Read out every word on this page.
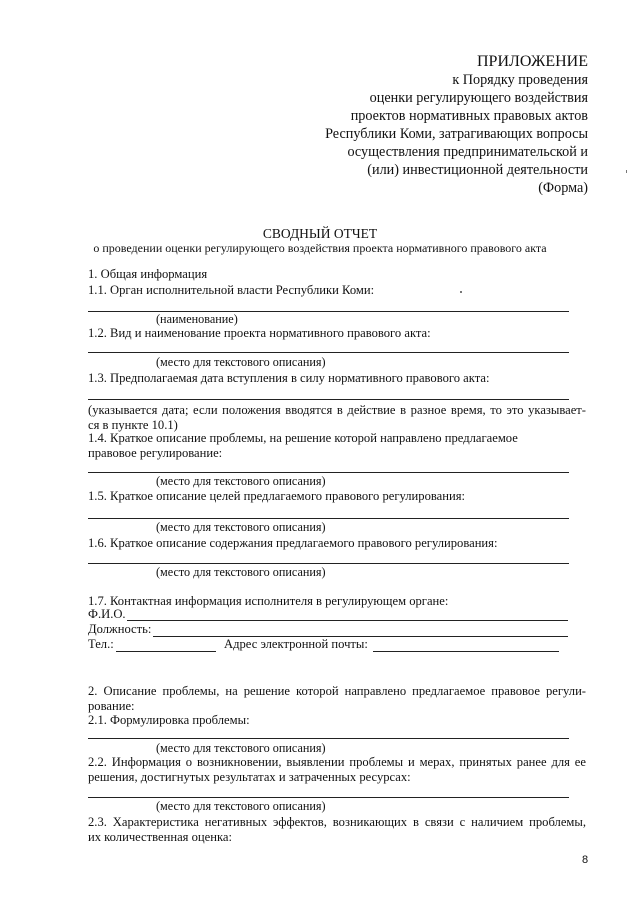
ПРИЛОЖЕНИЕ
к Порядку проведения
оценки регулирующего воздействия
проектов нормативных правовых актов
Республики Коми, затрагивающих вопросы
осуществления предпринимательской и
(или) инвестиционной деятельности
(Форма)
СВОДНЫЙ ОТЧЕТ
о проведении оценки регулирующего воздействия проекта нормативного правового акта
1. Общая информация
1.1. Орган исполнительной власти Республики Коми:
(наименование)
1.2. Вид и наименование проекта нормативного правового акта:
(место для текстового описания)
1.3. Предполагаемая дата вступления в силу нормативного правового акта:
(указывается дата; если положения вводятся в действие в разное время, то это указывает-
ся в пункте 10.1)
1.4. Краткое описание проблемы, на решение которой направлено предлагаемое
правовое регулирование:
(место для текстового описания)
1.5. Краткое описание целей предлагаемого правового регулирования:
(место для текстового описания)
1.6. Краткое описание содержания предлагаемого правового регулирования:
(место для текстового описания)
1.7. Контактная информация исполнителя в регулирующем органе:
Ф.И.О.
Должность:
Тел.:	Адрес электронной почты:
2. Описание проблемы, на решение которой направлено предлагаемое правовое регули-
рование:
2.1. Формулировка проблемы:
(место для текстового описания)
2.2. Информация о возникновении, выявлении проблемы и мерах, принятых ранее для ее
решения, достигнутых результатах и затраченных ресурсах:
(место для текстового описания)
2.3. Характеристика негативных эффектов, возникающих в связи с наличием проблемы,
их количественная оценка:
8
